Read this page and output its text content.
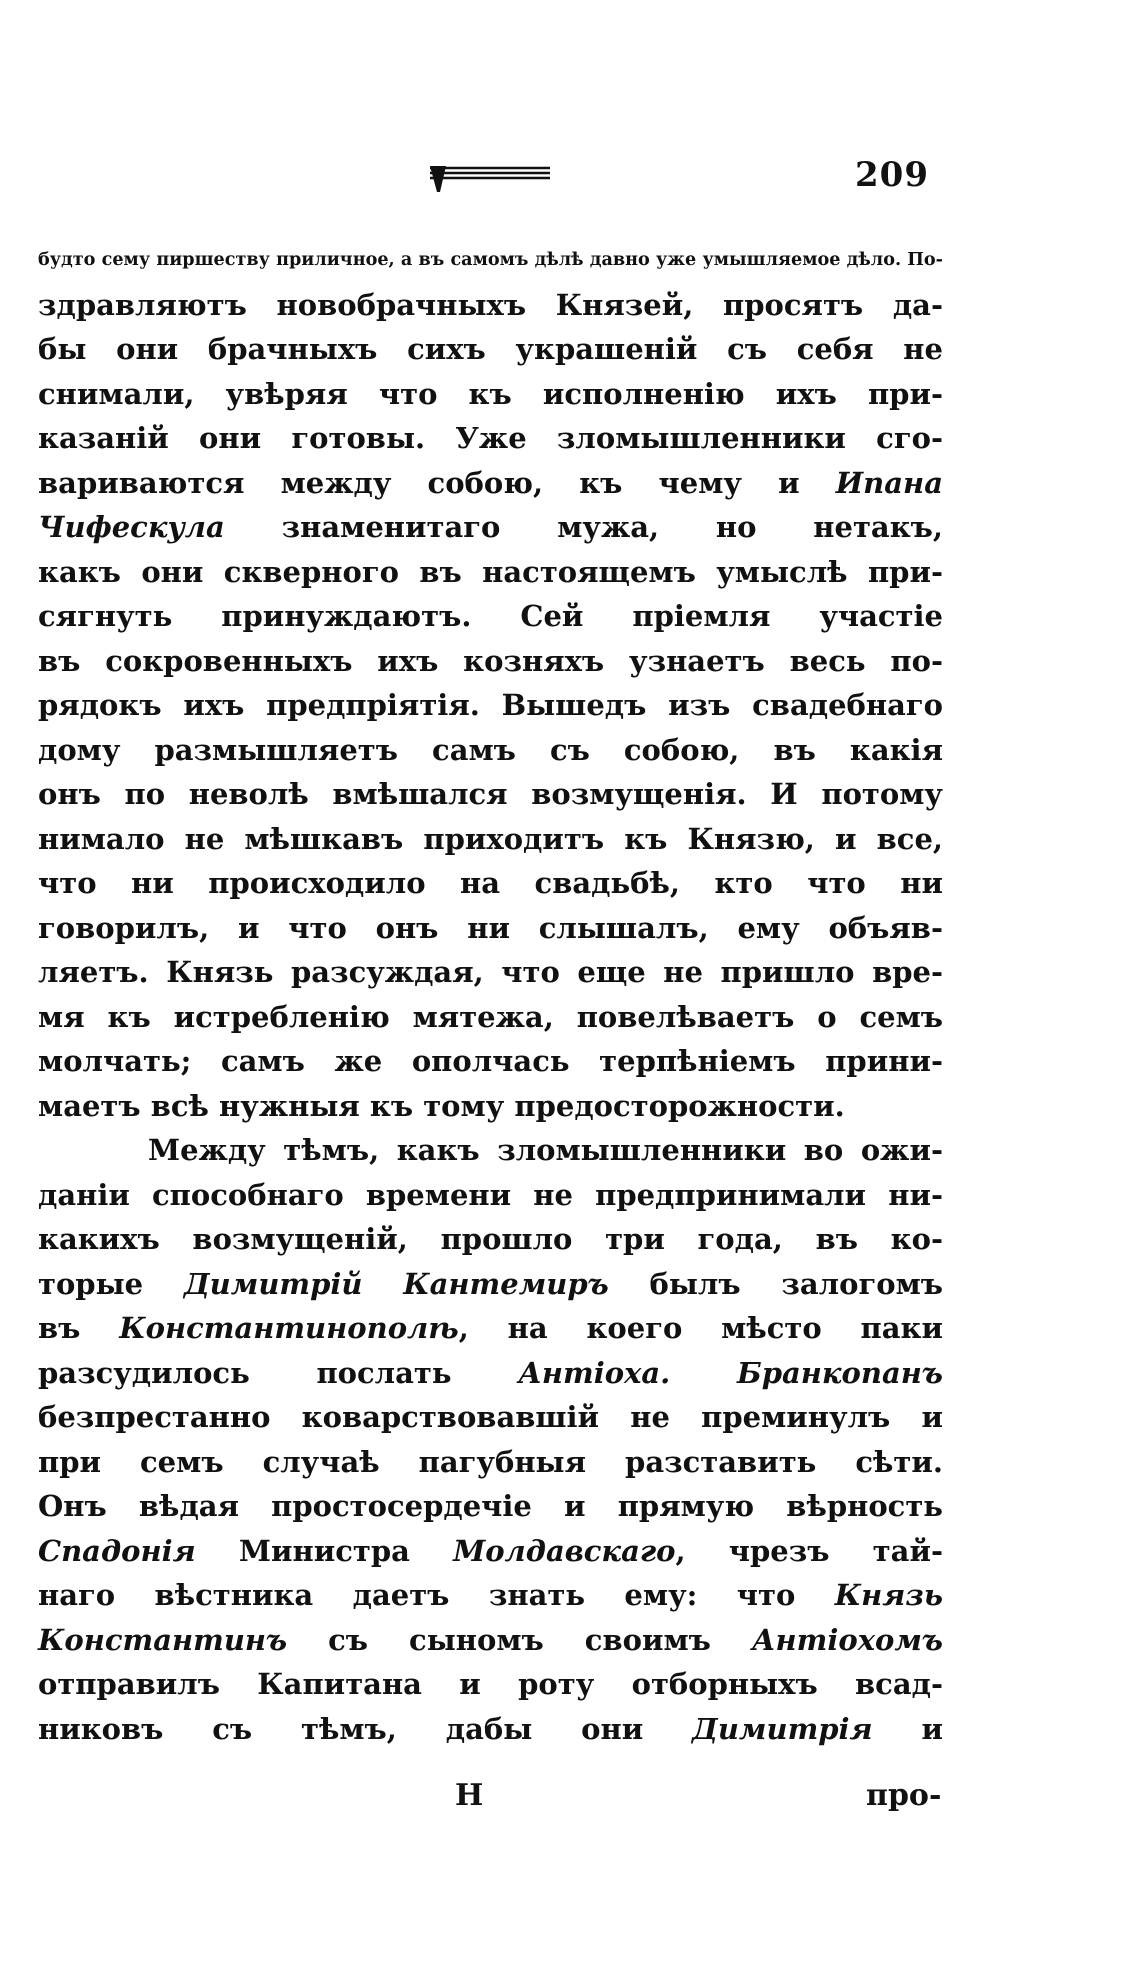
209
будто сему пиршеству приличное, а въ самомъ дѣлѣ давно уже умышляемое дѣло. По-
здравляютъ новобрачныхъ Князей, просятъ да-
бы они брачныхъ сихъ украшеній съ себя не
снимали, увѣряя что къ исполненію ихъ при-
казаній они готовы. Уже зломышленники сго-
вариваются между собою, къ чему и Ипана
Чифескула знаменитаго мужа, но нетакъ,
какъ они скверного въ настоящемъ умыслѣ при-
сягнуть принуждаютъ. Сей пріемля участіе
въ сокровенныхъ ихъ козняхъ узнаетъ весь по-
рядокъ ихъ предпріятія. Вышедъ изъ свадебнаго
дому размышляетъ самъ съ собою, въ какія
онъ по неволѣ вмѣшался возмущенія. И потому
нимало не мѣшкавъ приходитъ къ Князю, и все,
что ни происходило на свадьбѣ, кто что ни
говорилъ, и что онъ ни слышалъ, ему объяв-
ляетъ. Князь разсуждая, что еще не пришло вре-
мя къ истребленію мятежа, повелѣваетъ о семъ
молчать; самъ же ополчась терпѣніемъ прини-
маетъ всѣ нужныя къ тому предосторожности.
Между тѣмъ, какъ зломышленники во ожи-
даніи способнаго времени не предпринимали ни-
какихъ возмущеній, прошло три года, въ ко-
торые Димитрій Кантемиръ былъ залогомъ
въ Константинополѣ, на коего мѣсто паки
разсудилось послать Антіоха. Бранкопанъ
безпрестанно коварствовавшій не преминулъ и
при семъ случаѣ пагубныя разставить сѣти.
Онъ вѣдая простосердечіе и прямую вѣрность
Спадонія Министра Молдавскаго, чрезъ тай-
наго вѣстника даетъ знать ему: что Князь
Константинъ съ сыномъ своимъ Антіохомъ
отправилъ Капитана и роту отборныхъ всад-
никовъ съ тѣмъ, дабы они Димитрія и
Н	про-
